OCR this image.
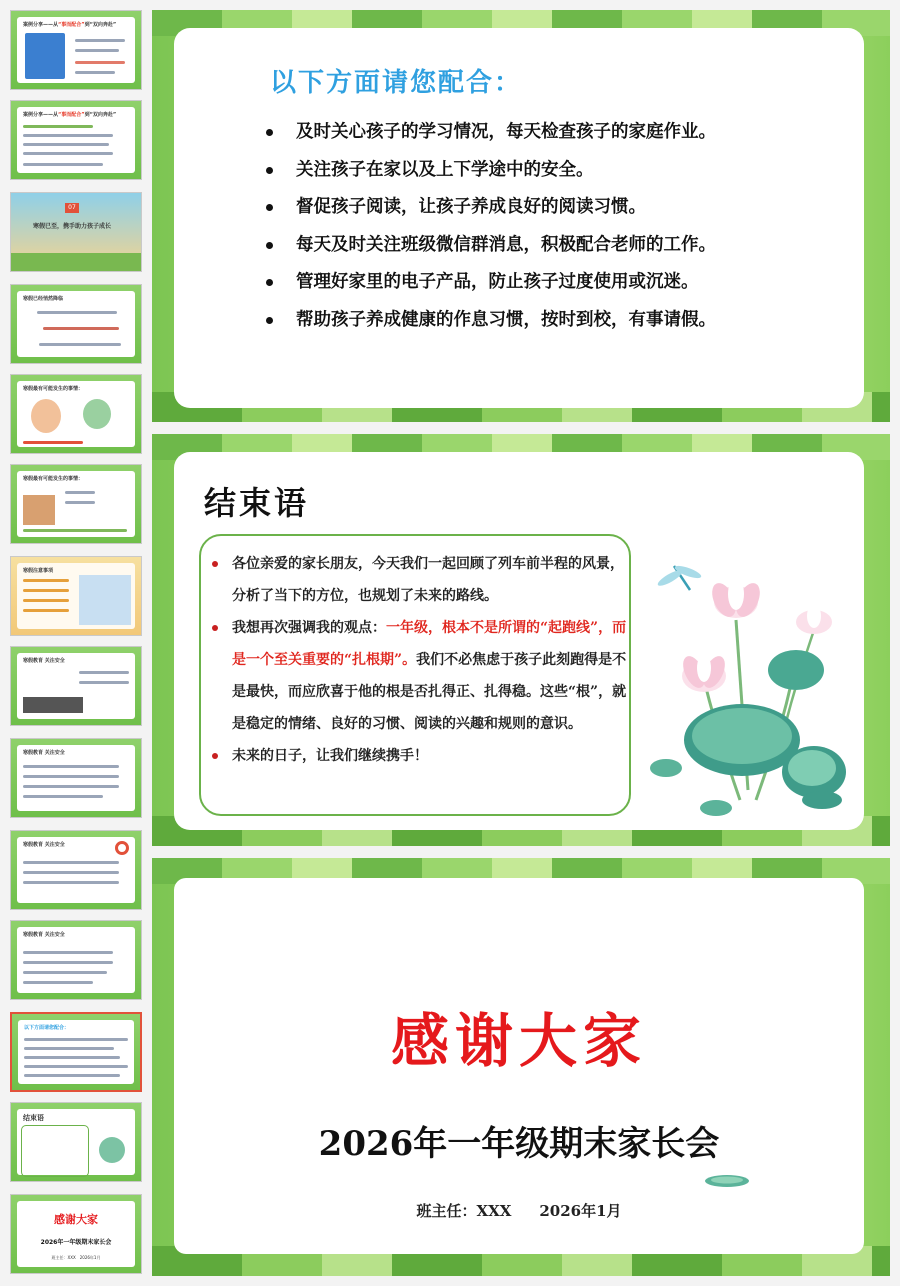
案例分享——从“事而配合”到“双向奔赴”
案例分享——从“事而配合”到“双向奔赴”
07
寒假已至，携手助力孩子成长
寒假已经悄然降临
寒假最有可能发生的事情：
寒假最有可能发生的事情：
寒假注意事项
寒假教育 关注安全
寒假教育 关注安全
寒假教育 关注安全
寒假教育 关注安全
以下方面请您配合：
结束语
感谢大家
2026年一年级期末家长会
班主任：XXX　2026年1月
以下方面请您配合：
及时关心孩子的学习情况，每天检查孩子的家庭作业。
关注孩子在家以及上下学途中的安全。
督促孩子阅读，让孩子养成良好的阅读习惯。
每天及时关注班级微信群消息，积极配合老师的工作。
管理好家里的电子产品，防止孩子过度使用或沉迷。
帮助孩子养成健康的作息习惯，按时到校，有事请假。
结束语

各位亲爱的家长朋友，今天我们一起回顾了列车前半程的风景，分析了当下的方位，也规划了未来的路线。

我想再次强调我的观点：一年级，根本不是所谓的“起跑线”，而是一个至关重要的“扎根期”。我们不必焦虑于孩子此刻跑得是不是最快，而应欣喜于他的根是否扎得正、扎得稳。这些“根”，就是稳定的情绪、良好的习惯、阅读的兴趣和规则的意识。

未来的日子，让我们继续携手！

感谢大家
2026年一年级期末家长会
班主任：XXX 2026年1月
